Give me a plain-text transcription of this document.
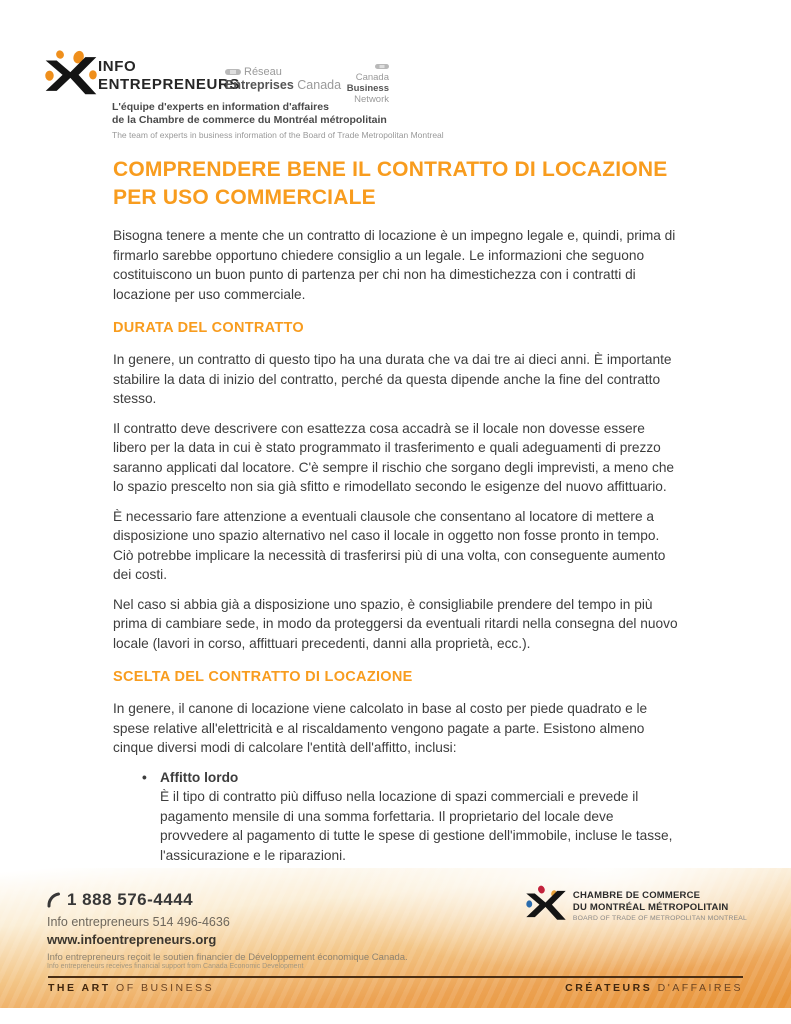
INFO
ENTREPRENEURS
Réseau
Entreprises Canada
Canada Business
Network
L'équipe d'experts en information d'affaires
de la Chambre de commerce du Montréal métropolitain
The team of experts in business information of the Board of Trade Metropolitan Montreal
COMPRENDERE BENE IL CONTRATTO DI LOCAZIONE
PER USO COMMERCIALE

Bisogna tenere a mente che un contratto di locazione è un impegno legale e, quindi, prima di firmarlo sarebbe opportuno chiedere consiglio a un legale. Le informazioni che seguono costituiscono un buon punto di partenza per chi non ha dimestichezza con i contratti di locazione per uso commerciale.

DURATA DEL CONTRATTO

In genere, un contratto di questo tipo ha una durata che va dai tre ai dieci anni. È importante stabilire la data di inizio del contratto, perché da questa dipende anche la fine del contratto stesso.

Il contratto deve descrivere con esattezza cosa accadrà se il locale non dovesse essere libero per la data in cui è stato programmato il trasferimento e quali adeguamenti di prezzo saranno applicati dal locatore. C'è sempre il rischio che sorgano degli imprevisti, a meno che lo spazio prescelto non sia già sfitto e rimodellato secondo le esigenze del nuovo affittuario.

È necessario fare attenzione a eventuali clausole che consentano al locatore di mettere a disposizione uno spazio alternativo nel caso il locale in oggetto non fosse pronto in tempo. Ciò potrebbe implicare la necessità di trasferirsi più di una volta, con conseguente aumento dei costi.

Nel caso si abbia già a disposizione uno spazio, è consigliabile prendere del tempo in più prima di cambiare sede, in modo da proteggersi da eventuali ritardi nella consegna del nuovo locale (lavori in corso, affittuari precedenti, danni alla proprietà, ecc.).

SCELTA DEL CONTRATTO DI LOCAZIONE

In genere, il canone di locazione viene calcolato in base al costo per piede quadrato e le spese relative all'elettricità e al riscaldamento vengono pagate a parte. Esistono almeno cinque diversi modi di calcolare l'entità dell'affitto, inclusi:

• Affitto lordo
È il tipo di contratto più diffuso nella locazione di spazi commerciali e prevede il pagamento mensile di una somma forfettaria. Il proprietario del locale deve provvedere al pagamento di tutte le spese di gestione dell'immobile, incluse le tasse, l'assicurazione e le riparazioni.
1 888 576-4444
Info entrepreneurs 514 496-4636
www.infoentrepreneurs.org
Info entrepreneurs reçoit le soutien financier de Développement économique Canada.
Info entrepreneurs receives financial support from Canada Economic Development
THE ART OF BUSINESS	CRÉATEURS D'AFFAIRES
CHAMBRE DE COMMERCE
DU MONTRÉAL MÉTROPOLITAIN
BOARD OF TRADE OF METROPOLITAN MONTREAL
